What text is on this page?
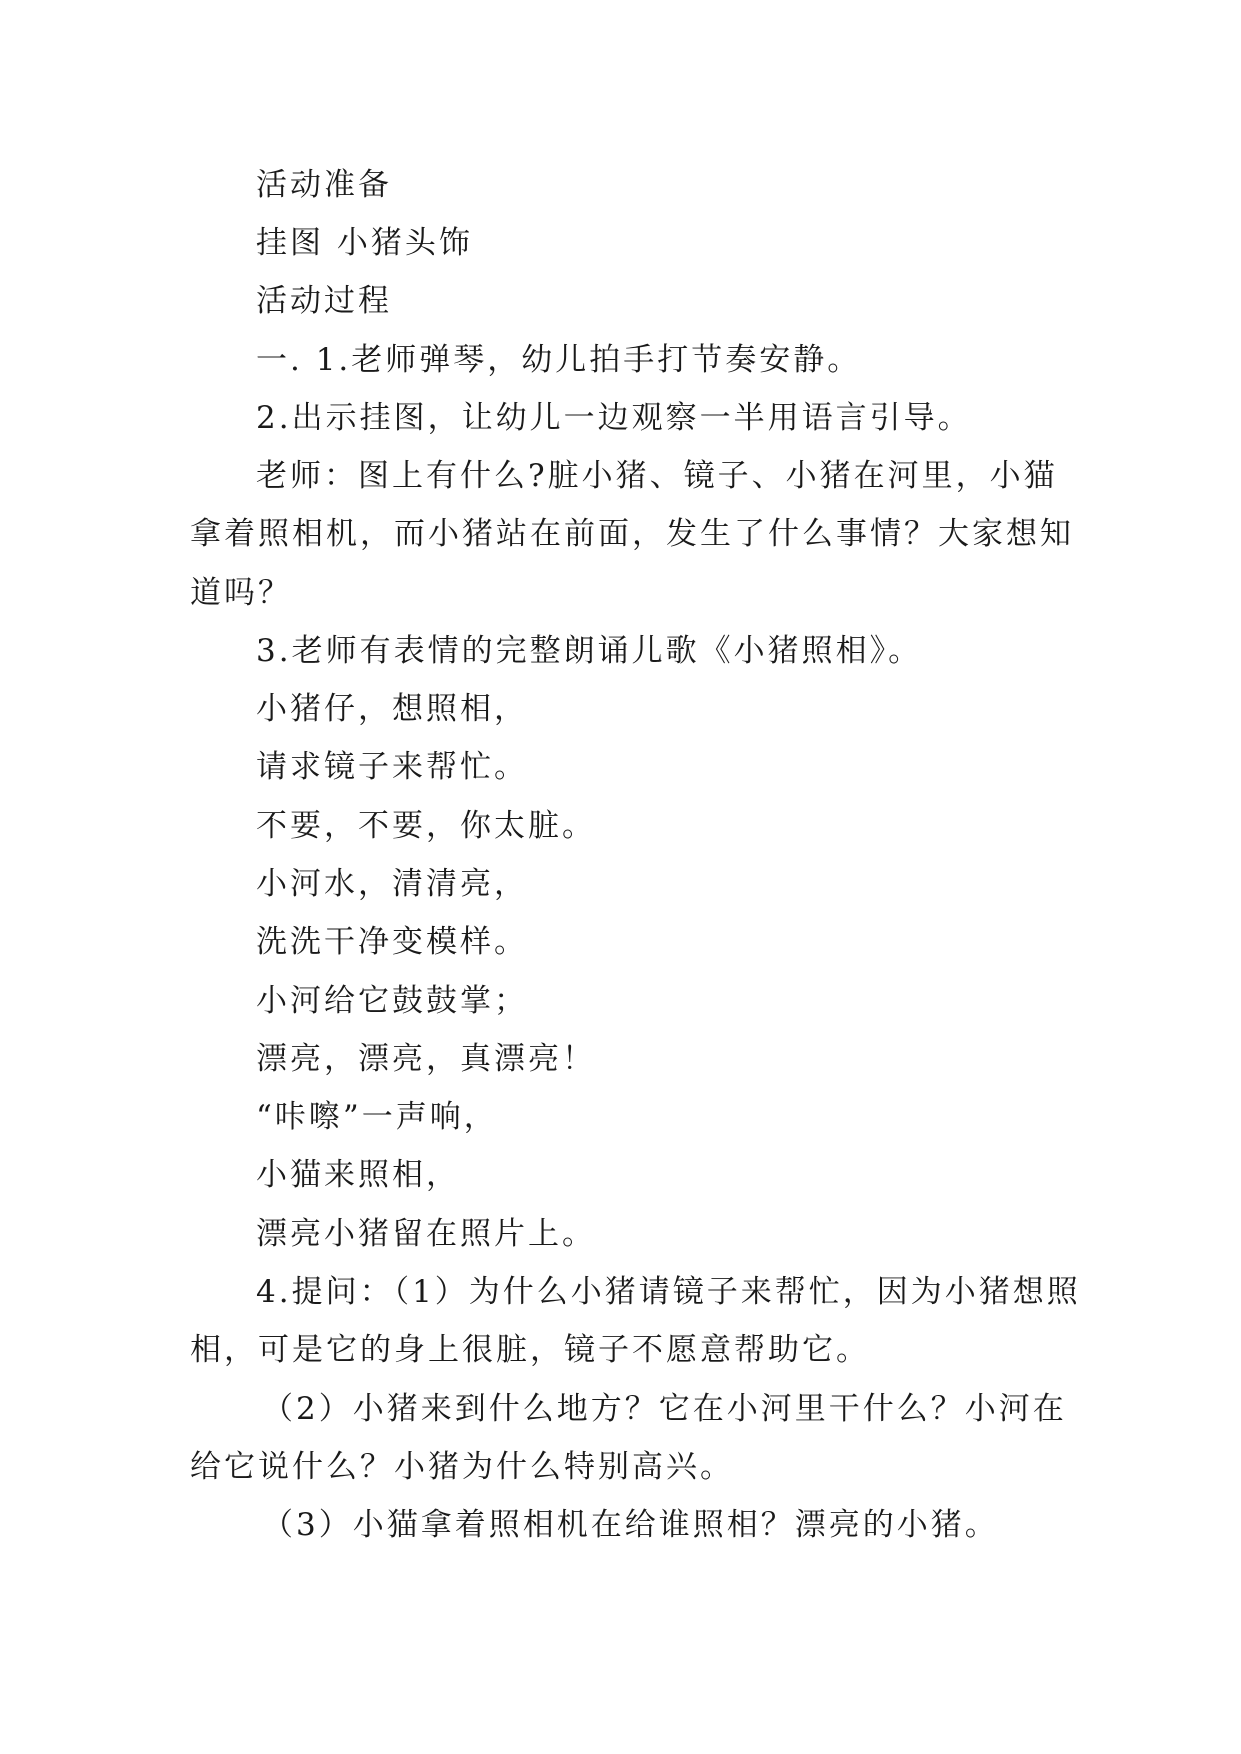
活动准备
挂图 小猪头饰
活动过程
一. 1.老师弹琴，幼儿拍手打节奏安静。
2.出示挂图，让幼儿一边观察一半用语言引导。
老师：图上有什么?脏小猪、镜子、小猪在河里，小猫
拿着照相机，而小猪站在前面，发生了什么事情？大家想知
道吗？
3.老师有表情的完整朗诵儿歌《小猪照相》。
小猪仔，想照相，
请求镜子来帮忙。
不要，不要，你太脏。
小河水，清清亮，
洗洗干净变模样。
小河给它鼓鼓掌；
漂亮，漂亮，真漂亮！
“咔嚓”一声响，
小猫来照相，
漂亮小猪留在照片上。
4.提问：（1）为什么小猪请镜子来帮忙，因为小猪想照
相，可是它的身上很脏，镜子不愿意帮助它。
（2）小猪来到什么地方？它在小河里干什么？小河在
给它说什么？小猪为什么特别高兴。
（3）小猫拿着照相机在给谁照相？漂亮的小猪。
